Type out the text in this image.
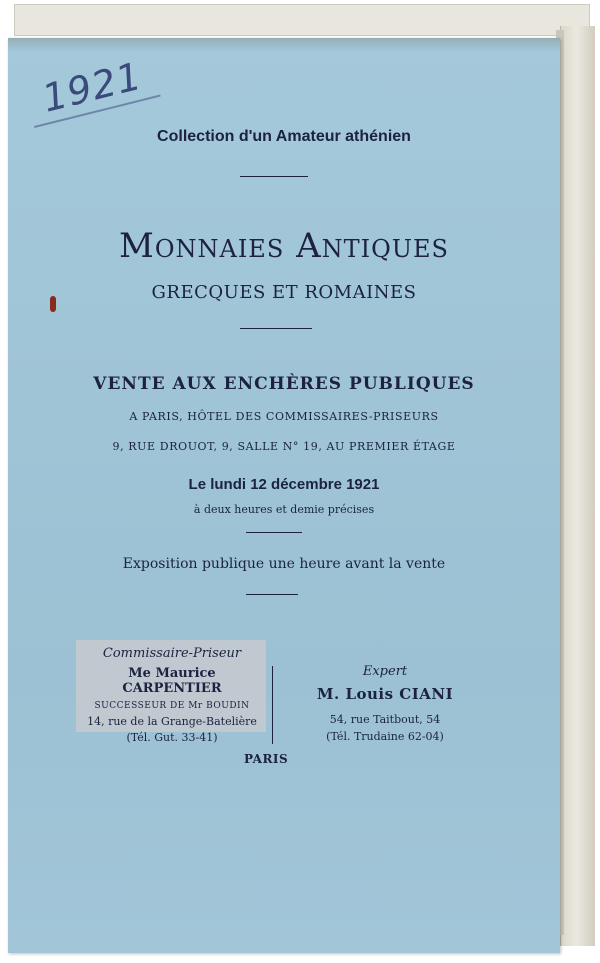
1921
Collection d'un Amateur athénien
Monnaies Antiques
GRECQUES ET ROMAINES
VENTE AUX ENCHÈRES PUBLIQUES
A PARIS, HÔTEL DES COMMISSAIRES-PRISEURS
9, RUE DROUOT, 9, SALLE N° 19, AU PREMIER ÉTAGE
Le lundi 12 décembre 1921
à deux heures et demie précises
Exposition publique une heure avant la vente
Commissaire-Priseur
Me Maurice CARPENTIER
SUCCESSEUR DE Mr BOUDIN
14, rue de la Grange-Batelière
(Tél. Gut. 33-41)
Expert
M. Louis CIANI
54, rue Taitbout, 54
(Tél. Trudaine 62-04)
PARIS
